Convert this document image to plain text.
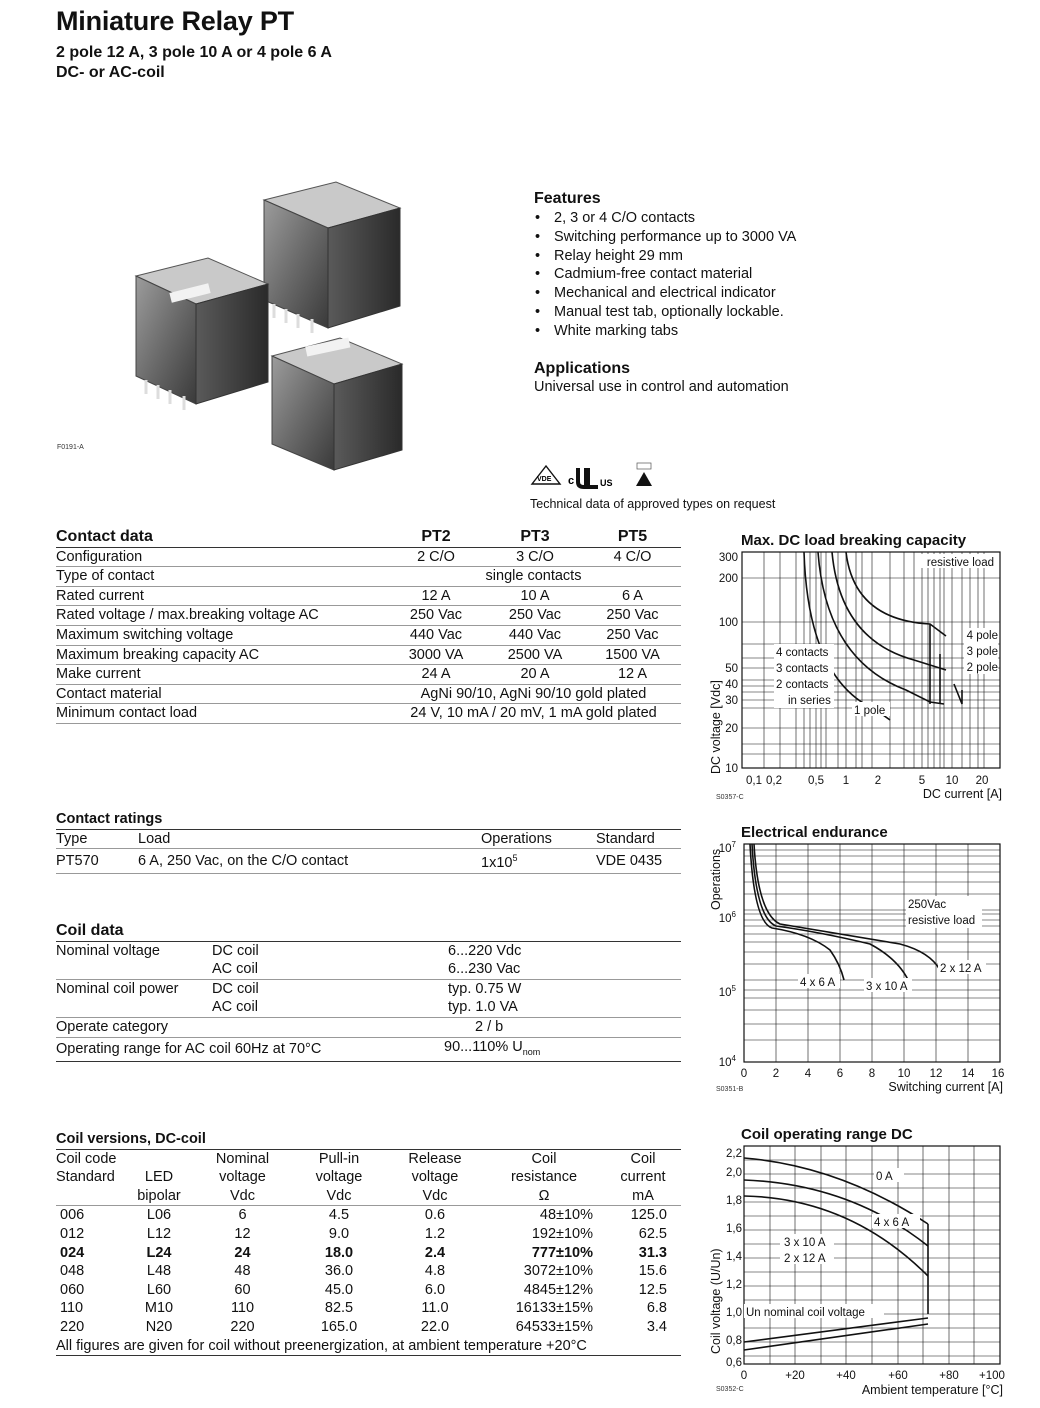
Miniature Relay PT
2 pole 12 A, 3 pole 10 A or 4 pole 6 A
DC- or AC-coil
F0191-A
Features
• 2, 3 or 4 C/O contacts
• Switching performance up to 3000 VA
• Relay height 29 mm
• Cadmium-free contact material
• Mechanical and electrical indicator
• Manual test tab, optionally lockable.
• White marking tabs
Applications

Universal use in control and automation

VDE c	US
Technical data of approved types on request
Contact data	PT2	PT3	PT5
Configuration	2 C/O	3 C/O	4 C/O
Type of contact	single contacts		
Rated current	12 A	10 A	6 A
Rated voltage / max.breaking voltage AC	250 Vac	250 Vac	250 Vac
Maximum switching voltage	440 Vac	440 Vac	250 Vac
Maximum breaking capacity AC	3000 VA	2500 VA	1500 VA
Make current	24 A	20 A	12 A
Contact material	AgNi 90/10, AgNi 90/10 gold plated		
Minimum contact load	24 V, 10 mA / 20 mV, 1 mA gold plated		
Contact ratings			
Type	Load	Operations	Standard
PT570	6 A, 250 Vac, on the C/O contact	$1x10^5$	VDE 0435
Coil data		
Nominal voltage	DC coil	6...220 Vdc
	AC coil	6...230 Vac
Nominal coil power	DC coil	typ. 0.75 W
	AC coil	typ. 1.0 VA
Operate category		2 / b
Operating range for AC coil 60Hz at 70°C		90...110% $U_{nom}$
Coil versions, DC-coil						
Coil code		Nominal	Pull-in	Release	Coil	Coil
Standard	LED	voltage	voltage	voltage	resistance	current
	bipolar	Vdc	Vdc	Vdc	Ω	mA
006	L06	6	4.5	0.6	48±10%	125.0
012	L12	12	9.0	1.2	192±10%	62.5
024	L24	24	18.0	2.4	777±10%	31.3
048	L48	48	36.0	4.8	3072±10%	15.6
060	L60	60	45.0	6.0	4845±12%	12.5
110	M10	110	82.5	11.0	16133±15%	6.8
220	N20	220	165.0	22.0	64533±15%	3.4
All figures are given for coil without preenergization, at ambient temperature +20°C						
Max. DC load breaking capacity
300
200
100
50
40
30
20
10
0,1 0,2 0,5 1 2	5 10 20
DC current [A]
DC voltage [Vdc]
resistive load
4 pole
3 pole
2 pole
4 contacts
3 contacts
2 contacts
in series
1 pole
S0357-C
Electrical endurance
$10^7$
$10^6$
$10^5$
$10^4$
0 2 4 6 8 10 12 14 16
Switching current [A]
Operations	250Vac
resistive load
2 x 12 A
4 x 6 A	3 x 10 A
S0351-B
Coil operating range DC
2,2
2,0
1,8
1,6
1,4
1,2
1,0
0,8
0,6
0	+20	+40	+60	+80 +100
Ambient temperature [°C]
Coil voltage (U/Un)
0 A
4 x 6 A
3 x 10 A
2 x 12 A
Un nominal coil voltage
S0352-C
